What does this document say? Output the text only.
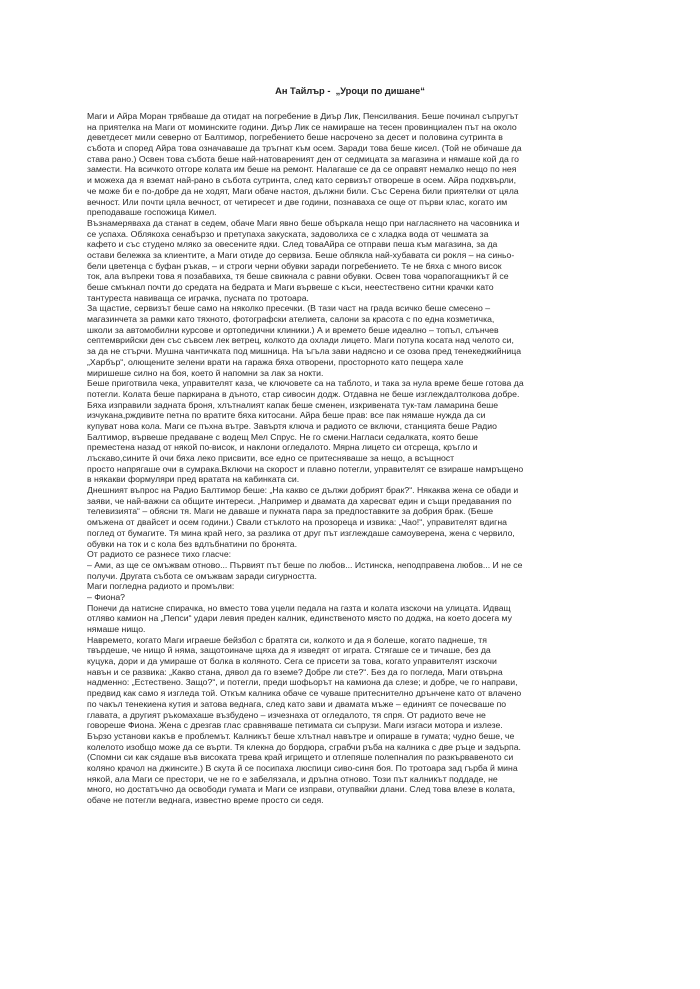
Ан Тайлър -  „Уроци по дишане“
Маги и Айра Моран трябваше да отидат на погребение в Диър Лик, Пенсилвания. Беше починал съпругът
на приятелка на Маги от моминските години. Диър Лик се намираше на тесен провинциален път на около
деветдесет мили северно от Балтимор, погребението беше насрочено за десет и половина сутринта в
събота и според Айра това означаваше да тръгнат към осем. Заради това беше кисел. (Той не обичаше да
става рано.) Освен това събота беше най-натовареният ден от седмицата за магазина и нямаше кой да го
замести. На всичкото отгоре колата им беше на ремонт. Налагаше се да се оправят немалко нещо по нея
и можеха да я вземат най-рано в събота сутринта, след като сервизът отвореше в осем. Айра подхвърли,
че може би е по-добре да не ходят, Маги обаче настоя, дължни били. Със Серена били приятелки от цяла
вечност. Или почти цяла вечност, от четиресет и две години, познаваха се още от първи клас, когато им
преподаваше госпожица Кимел.
Възнамеряваха да станат в седем, обаче Маги явно беше объркала нещо при нагласянето на часовника и
се успаха. Облякоха сенабързо и претупаха закуската, задоволиха се с хладка вода от чешмата за
кафето и със студено мляко за овесените ядки. След товаАйра се отправи пеша към магазина, за да
остави бележка за клиентите, а Маги отиде до сервиза. Беше облякла най-хубавата си рокля – на синьо-
бели цветенца с буфан ръкав, – и строги черни обувки заради погребението. Те не бяха с много висок
ток, ала въпреки това я позабавиха, тя беше свикнала с равни обувки. Освен това чорапогащникът й се
беше смъкнал почти до средата на бедрата и Маги вървеше с къси, неестествено ситни крачки като
тантуреста навиваща се играчка, пусната по тротоара.
За щастие, сервизът беше само на няколко пресечки. (В тази част на града всичко беше смесено –
магазинчета за рамки като тяхното, фотографски ателиета, салони за красота с по една козметичка,
школи за автомобилни курсове и ортопедични клиники.) А и времето беше идеално – топъл, слънчев
септемврийски ден със съвсем лек ветрец, колкото да охлади лицето. Маги потупа косата над челото си,
за да не стърчи. Мушна чантичката под мишница. На ъгъла зави надясно и се озова пред тенекеджийница
„Харбър“, олющените зелени врати на гаража бяха отворени, просторното като пещера хале
миришеше силно на боя, което й напомни за лак за нокти.
Беше приготвила чека, управителят каза, че ключовете са на таблото, и така за нула време беше готова да
потегли. Колата беше паркирана в дъното, стар сивосин додж. Отдавна не беше изглеждалтолкова добре.
Бяха изправили задната броня, хлътналият капак беше сменен, изкривената тук-там ламарина беше
изчукана,рждивите петна по вратите бяха китосани. Айра беше прав: все пак нямаше нужда да си
купуват нова кола. Маги се пъхна вътре. Завъртя ключа и радиото се включи, станцията беше Радио
Балтимор, вървеше предаване с водещ Мел Спрус. Не го смени.Нагласи седалката, която беше
преместена назад от някой по-висок, и наклони огледалото. Мярна лицето си отсреща, кръгло и
лъскаво,сините й очи бяха леко присвити, все едно се притесняваше за нещо, а всъщност
просто напрягаше очи в сумрака.Включи на скорост и плавно потегли, управителят се взираше намръщено
в някакви формуляри пред вратата на кабинката си.
Днешният въпрос на Радио Балтимор беше: „На какво се дължи добрият брак?“. Някаква жена се обади и
заяви, че най-важни са общите интереси. „Например и двамата да харесват един и същи предавания по
телевизията“ – обясни тя. Маги не даваше и пукната пара за предпоставките за добрия брак. (Беше
омъжена от двайсет и осем години.) Свали стъклото на прозореца и извика: „Чао!“, управителят вдигна
поглед от бумагите. Тя мина край него, за разлика от друг път изглеждаше самоуверена, жена с червило,
обувки на ток и с кола без вдлъбнатини по бронята.
От радиото се разнесе тихо гласче:
– Ами, аз ще се омъжвам отново... Първият път беше по любов... Истинска, неподправена любов... И не се
получи. Другата събота се омъжвам заради сигурността.
Маги погледна радиото и промълви:
– Фиона?
Понечи да натисне спирачка, но вместо това уцели педала на газта и колата изскочи на улицата. Идващ
отляво камион на „Пепси“ удари левия преден калник, единственото място по доджа, на което досега му
нямаше нищо.
Навремето, когато Маги играеше бейзбол с братята си, колкото и да я болеше, когато паднеше, тя
твърдеше, че нищо й няма, защотоиначе щяха да я изведят от играта. Стягаше се и тичаше, без да
куцука, дори и да умираше от болка в коляното. Сега се присети за това, когато управителят изскочи
навън и се развика: „Какво стана, дявол да го вземе? Добре ли сте?“. Без да го погледа, Маги отвърна
надменно: „Естествено. Защо?“, и потегли, преди шофьорът на камиона да слезе; и добре, че го направи,
предвид как само я изгледа той. Откъм калника обаче се чуваше притеснително дрънчене като от влачено
по чакъл тенекиена кутия и затова веднага, след като зави и двамата мъже – единият се почесваше по
главата, а другият ръкомахаше възбудено – изчезнаха от огледалото, тя спря. От радиото вече не
говореше Фиона. Жена с дрезгав глас сравняваше петимата си съпрузи. Маги изгаси мотора и излезе.
Бързо установи какъв е проблемът. Калникът беше хлътнал навътре и опираше в гумата; чудно беше, че
колелото изобщо може да се върти. Тя клекна до бордюра, сграбчи ръба на калника с две ръце и задърпа.
(Спомни си как сядаше във високата трева край игрището и отлепяше полепналия по разкървавеното си
коляно крачол на джинсите.) В скута й се посипаха люспици сиво-синя боя. По тротоара зад гърба й мина
някой, ала Маги се престори, че не го е забелязала, и дръпна отново. Този път калникът поддаде, не
много, но достатъчно да освободи гумата и Маги се изправи, отупвайки длани. След това влезе в колата,
обаче не потегли веднага, известно време просто си седя.
